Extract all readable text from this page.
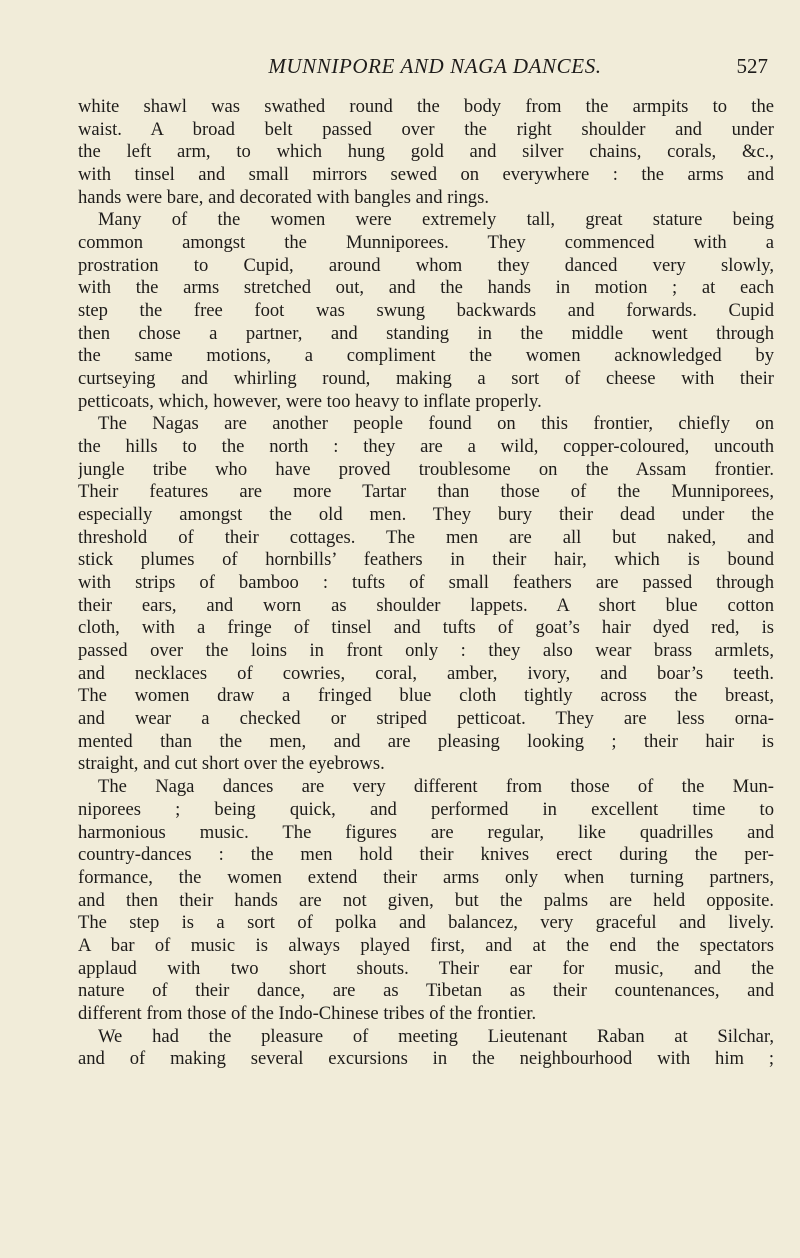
MUNNIPORE AND NAGA DANCES.	527
white shawl was swathed round the body from the armpits to the
waist. A broad belt passed over the right shoulder and under
the left arm, to which hung gold and silver chains, corals, &c.,
with tinsel and small mirrors sewed on everywhere : the arms and
hands were bare, and decorated with bangles and rings.
Many of the women were extremely tall, great stature being
common amongst the Munniporees. They commenced with a
prostration to Cupid, around whom they danced very slowly,
with the arms stretched out, and the hands in motion ; at each
step the free foot was swung backwards and forwards. Cupid
then chose a partner, and standing in the middle went through
the same motions, a compliment the women acknowledged by
curtseying and whirling round, making a sort of cheese with their
petticoats, which, however, were too heavy to inflate properly.
The Nagas are another people found on this frontier, chiefly on
the hills to the north : they are a wild, copper-coloured, uncouth
jungle tribe who have proved troublesome on the Assam frontier.
Their features are more Tartar than those of the Munniporees,
especially amongst the old men. They bury their dead under the
threshold of their cottages. The men are all but naked, and
stick plumes of hornbills’ feathers in their hair, which is bound
with strips of bamboo : tufts of small feathers are passed through
their ears, and worn as shoulder lappets. A short blue cotton
cloth, with a fringe of tinsel and tufts of goat’s hair dyed red, is
passed over the loins in front only : they also wear brass armlets,
and necklaces of cowries, coral, amber, ivory, and boar’s teeth.
The women draw a fringed blue cloth tightly across the breast,
and wear a checked or striped petticoat. They are less orna-
mented than the men, and are pleasing looking ; their hair is
straight, and cut short over the eyebrows.
The Naga dances are very different from those of the Mun-
niporees ; being quick, and performed in excellent time to
harmonious music. The figures are regular, like quadrilles and
country-dances : the men hold their knives erect during the per-
formance, the women extend their arms only when turning partners,
and then their hands are not given, but the palms are held opposite.
The step is a sort of polka and balancez, very graceful and lively.
A bar of music is always played first, and at the end the spectators
applaud with two short shouts. Their ear for music, and the
nature of their dance, are as Tibetan as their countenances, and
different from those of the Indo-Chinese tribes of the frontier.
We had the pleasure of meeting Lieutenant Raban at Silchar,
and of making several excursions in the neighbourhood with him ;
